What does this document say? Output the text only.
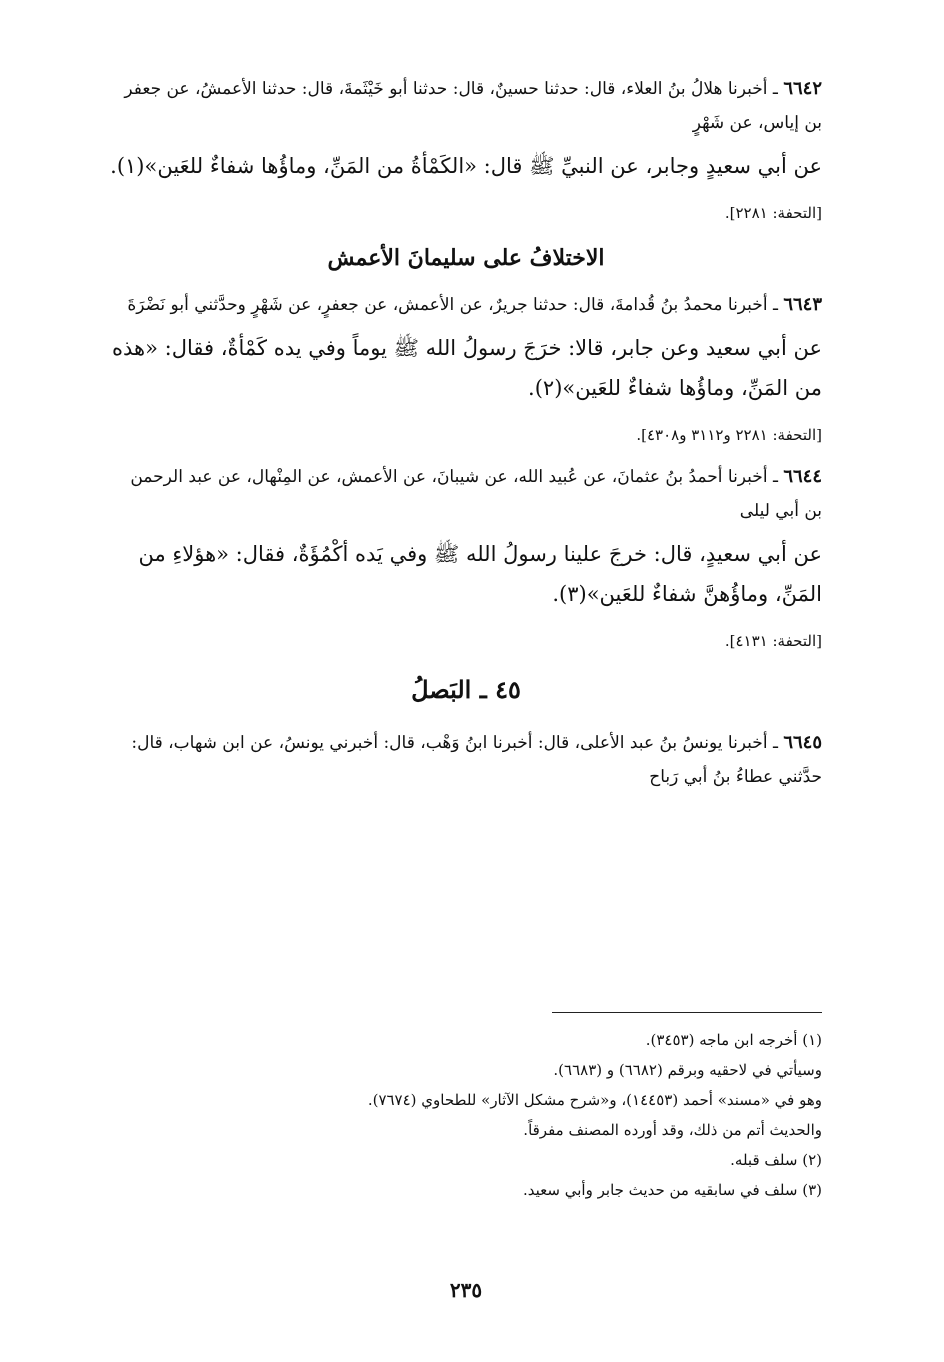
٦٦٤٢ ـ أخبرنا هلالُ بنُ العلاء، قال: حدثنا حسينٌ، قال: حدثنا أبو خَيْثَمةَ، قال: حدثنا الأعمشُ، عن جعفر بن إياس، عن شَهْرٍ

عن أبي سعيدٍ وجابر، عن النبيِّ ﷺ قال: «الكَمْأةُ من المَنِّ، وماؤُها شفاءٌ للعَين»(١).

[التحفة: ٢٢٨١].

الاختلافُ على سليمانَ الأعمش

٦٦٤٣ ـ أخبرنا محمدُ بنُ قُدامةَ، قال: حدثنا جريرٌ، عن الأعمش، عن جعفرٍ، عن شَهْرٍ وحدَّثني أبو نَضْرَةَ

عن أبي سعيد وعن جابر، قالا: خرَجَ رسولُ الله ﷺ يوماً وفي يده كَمْأةٌ، فقال: «هذه من المَنِّ، وماؤُها شفاءٌ للعَين»(٢).

[التحفة: ٢٢٨١ و٣١١٢ و٤٣٠٨].

٦٦٤٤ ـ أخبرنا أحمدُ بنُ عثمانَ، عن عُبيد الله، عن شيبانَ، عن الأعمش، عن المِنْهال، عن عبد الرحمن بن أبي ليلى

عن أبي سعيدٍ، قال: خرجَ علينا رسولُ الله ﷺ وفي يَده أكْمُؤَةٌ، فقال: «هؤلاءِ من المَنِّ، وماؤُهنَّ شفاءٌ للعَين»(٣).

[التحفة: ٤١٣١].

٤٥ ـ البَصلُ

٦٦٤٥ ـ أخبرنا يونسُ بنُ عبد الأعلى، قال: أخبرنا ابنُ وَهْب، قال: أخبرني يونسُ، عن ابن شهاب، قال: حدَّثني عطاءُ بنُ أبي رَباح

(١) أخرجه ابن ماجه (٣٤٥٣).

وسيأتي في لاحقيه وبرقم (٦٦٨٢) و (٦٦٨٣).

وهو في «مسند» أحمد (١٤٤٥٣)، و«شرح مشكل الآثار» للطحاوي (٧٦٧٤).

والحديث أتم من ذلك، وقد أورده المصنف مفرقاً.

(٢) سلف قبله.

(٣) سلف في سابقيه من حديث جابر وأبي سعيد.

٢٣٥
